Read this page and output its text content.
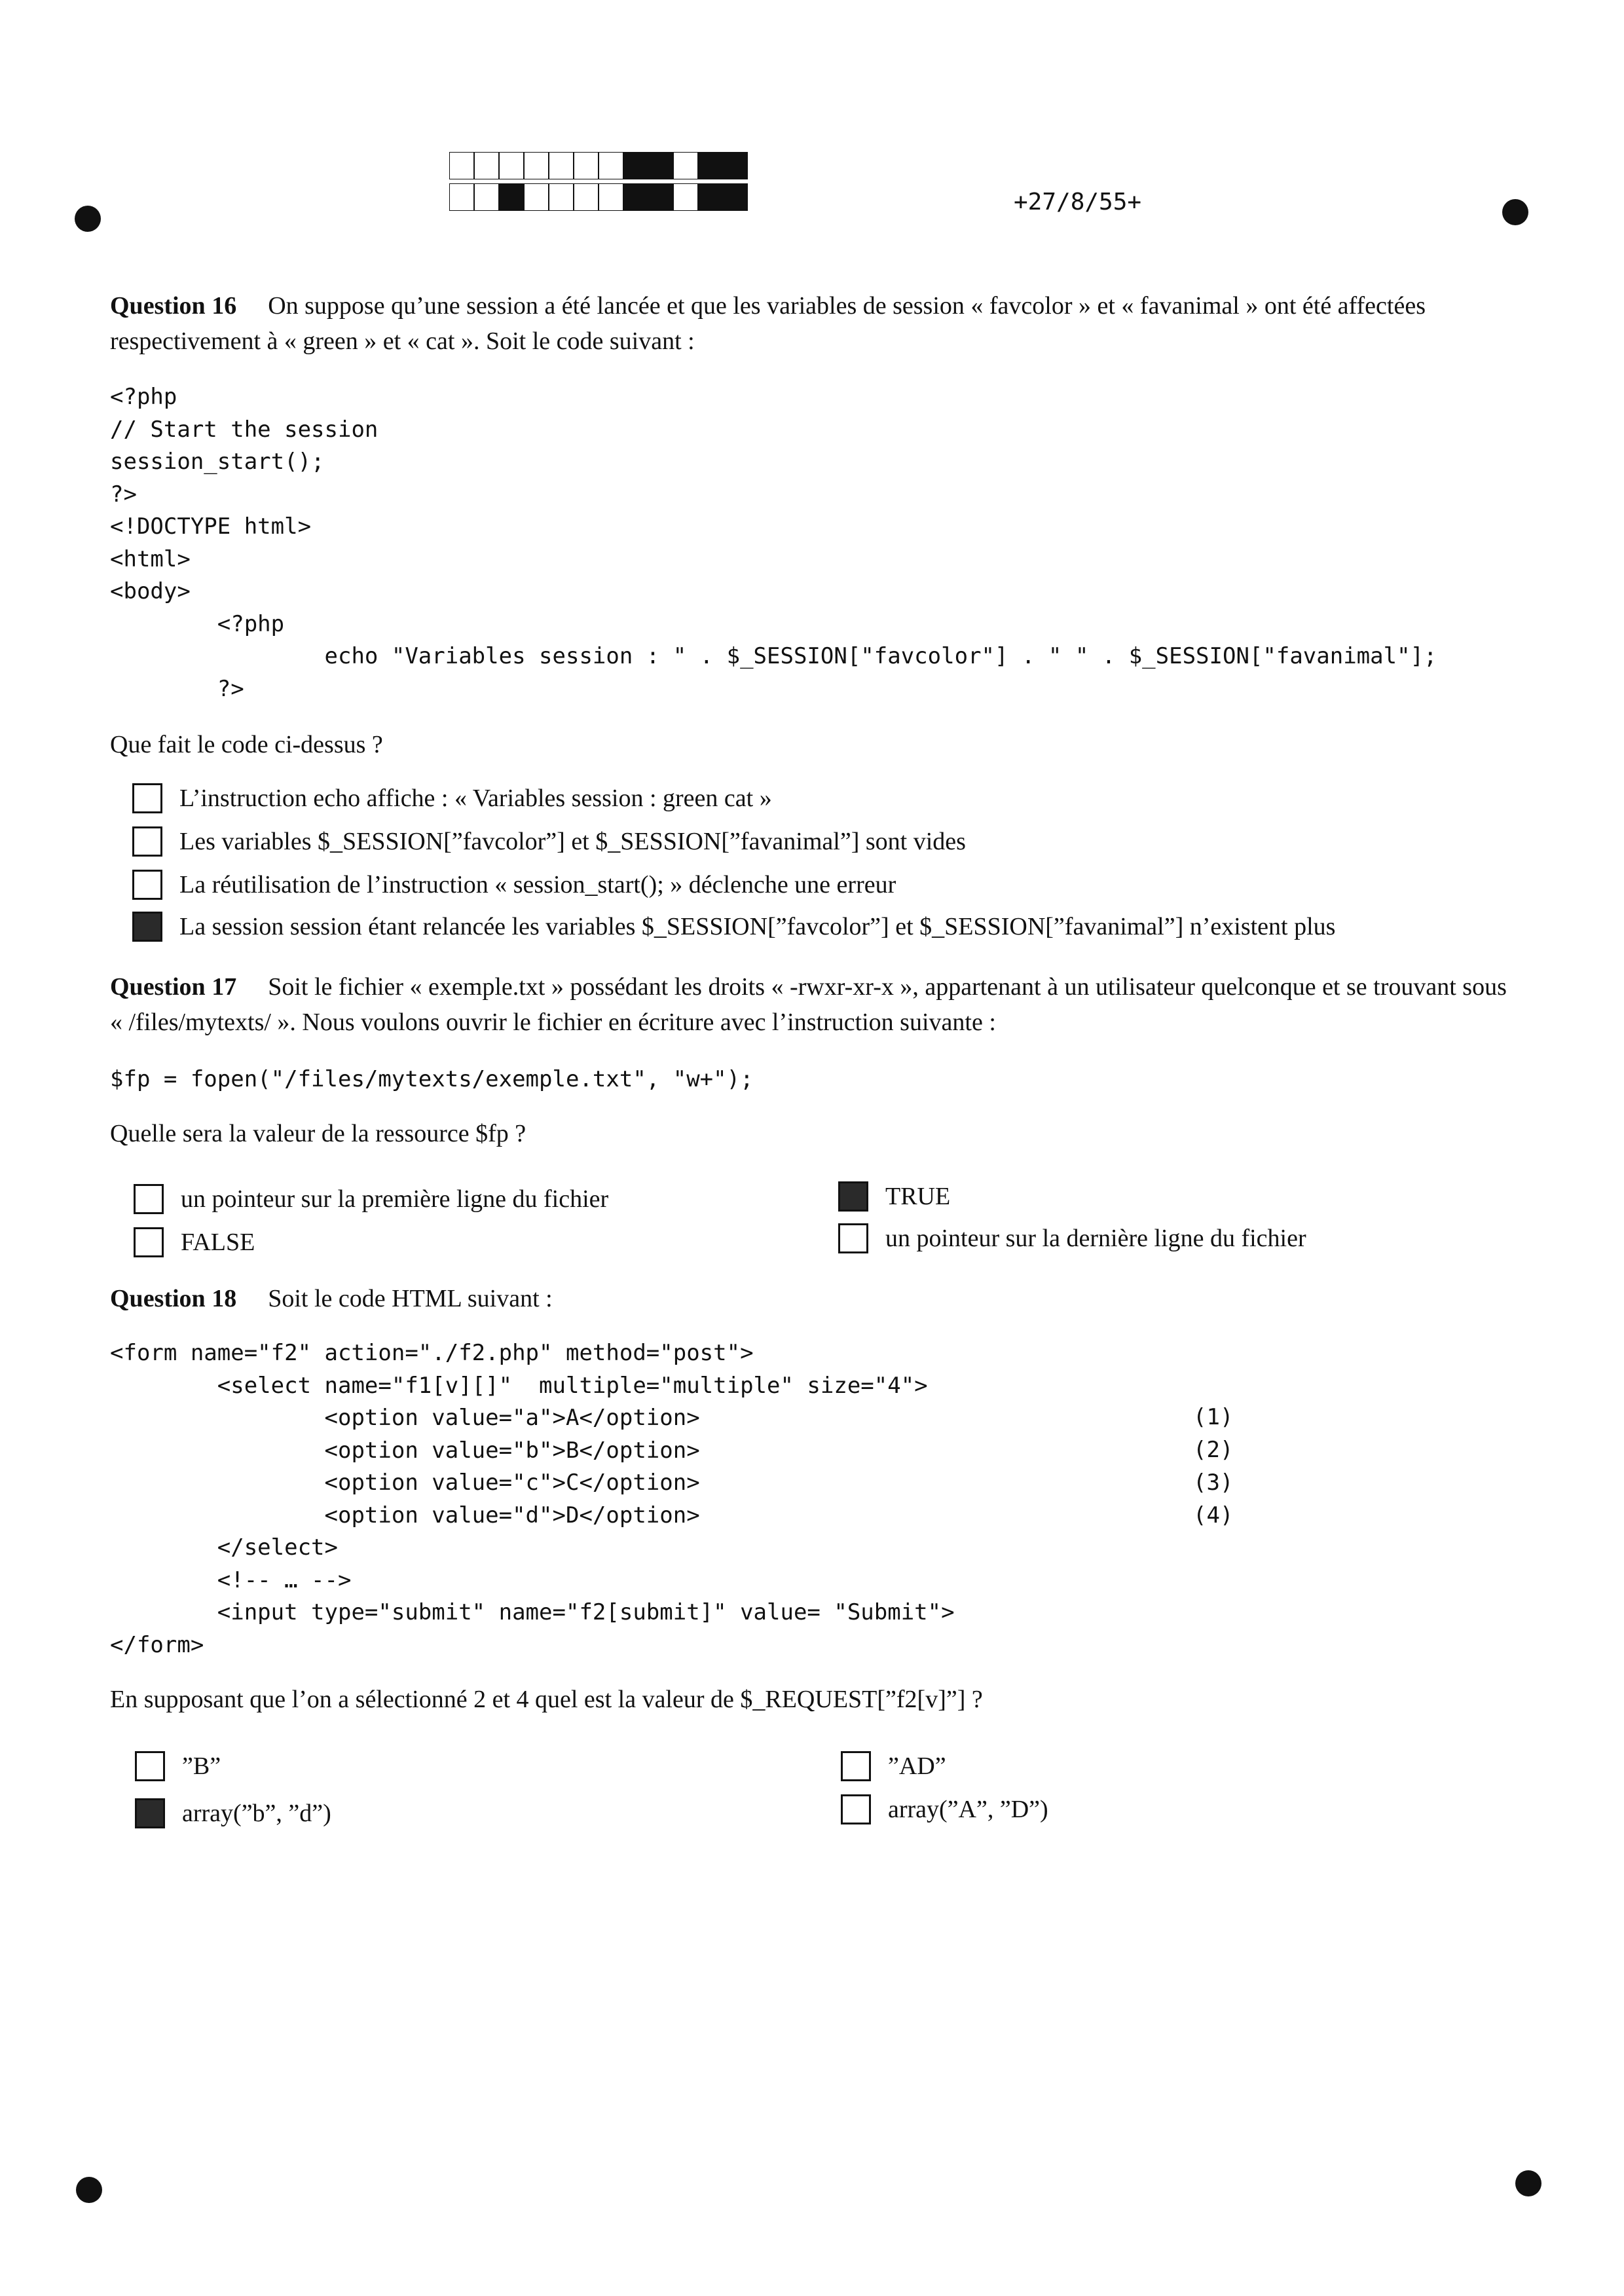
+27/8/55+
Question 16 On suppose qu’une session a été lancée et que les variables de session « favcolor » et « favanimal » ont été affectées respectivement à « green » et « cat ». Soit le code suivant :
<?php
// Start the session
session_start();
?>
<!DOCTYPE html>
<html>
<body>
<?php
echo "Variables session : " . $_SESSION["favcolor"] . " " . $_SESSION["favanimal"];
?>
Que fait le code ci-dessus ?
L’instruction echo affiche : « Variables session : green cat »
Les variables $_SESSION[”favcolor”] et $_SESSION[”favanimal”] sont vides
La réutilisation de l’instruction « session_start(); » déclenche une erreur
La session session étant relancée les variables $_SESSION[”favcolor”] et $_SESSION[”favanimal”] n’existent plus
Question 17 Soit le fichier « exemple.txt » possédant les droits « -rwxr-xr-x », appartenant à un utilisateur quelconque et se trouvant sous « /files/mytexts/ ». Nous voulons ouvrir le fichier en écriture avec l’instruction suivante :
$fp = fopen("/files/mytexts/exemple.txt", "w+");
Quelle sera la valeur de la ressource $fp ?
un pointeur sur la première ligne du fichier
FALSE
TRUE
un pointeur sur la dernière ligne du fichier
Question 18 Soit le code HTML suivant :
<form name="f2" action="./f2.php" method="post">
<select name="f1[v][]"  multiple="multiple" size="4">
<option value="a">A</option>
<option value="b">B</option>
<option value="c">C</option>
<option value="d">D</option>
</select>
<!-- … -->
<input type="submit" name="f2[submit]" value= "Submit">
</form>
(1)
(2)
(3)
(4)
En supposant que l’on a sélectionné 2 et 4 quel est la valeur de $_REQUEST[”f2[v]”] ?
”B”
array(”b”, ”d”)
”AD”
array(”A”, ”D”)
